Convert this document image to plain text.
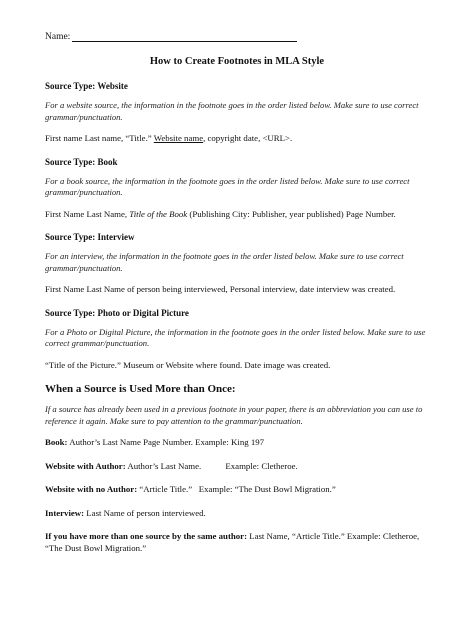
Name:
How to Create Footnotes in MLA Style
Source Type: Website

For a website source, the information in the footnote goes in the order listed below. Make sure to use correct grammar/punctuation.

First name Last name, “Title.” Website name, copyright date, <URL>.

Source Type: Book

For a book source, the information in the footnote goes in the order listed below. Make sure to use correct grammar/punctuation.

First Name Last Name, Title of the Book (Publishing City: Publisher, year published) Page Number.

Source Type: Interview

For an interview, the information in the footnote goes in the order listed below. Make sure to use correct grammar/punctuation.

First Name Last Name of person being interviewed, Personal interview, date interview was created.

Source Type: Photo or Digital Picture

For a Photo or Digital Picture, the information in the footnote goes in the order listed below. Make sure to use correct grammar/punctuation.

“Title of the Picture.” Museum or Website where found. Date image was created.

When a Source is Used More than Once:

If a source has already been used in a previous footnote in your paper, there is an abbreviation you can use to reference it again. Make sure to pay attention to the grammar/punctuation.

Book: Author’s Last Name Page Number. Example: King 197

Website with Author: Author’s Last Name.           Example: Cletheroe.

Website with no Author: “Article Title.”   Example: “The Dust Bowl Migration.”

Interview: Last Name of person interviewed.

If you have more than one source by the same author: Last Name, “Article Title.” Example: Cletheroe, “The Dust Bowl Migration.”
